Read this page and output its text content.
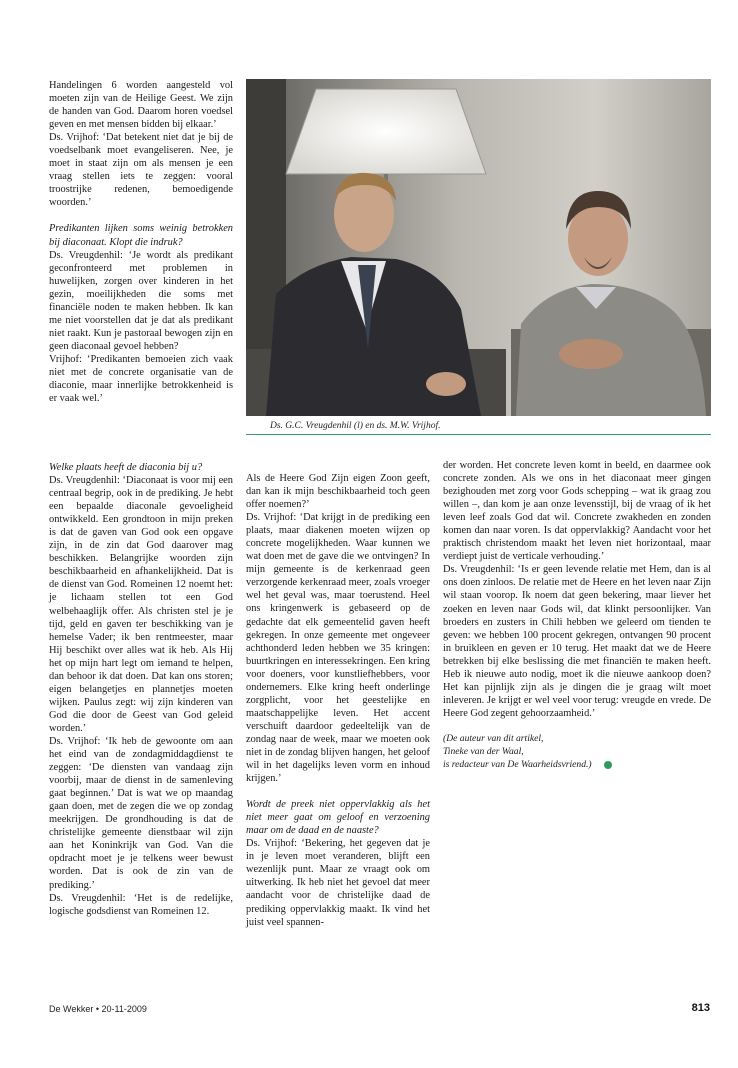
Handelingen 6 worden aangesteld vol moeten zijn van de Heilige Geest. We zijn de handen van God. Daarom horen voedsel geven en met mensen bidden bij elkaar.’

Ds. Vrijhof: ‘Dat betekent niet dat je bij de voedselbank moet evangeliseren. Nee, je moet in staat zijn om als mensen je een vraag stellen iets te zeggen: vooral troostrijke redenen, bemoedigende woorden.’

Predikanten lijken soms weinig betrokken bij diaconaat. Klopt die indruk?

Ds. Vreugdenhil: ‘Je wordt als predikant geconfronteerd met problemen in huwelijken, zorgen over kinderen in het gezin, moeilijkheden die soms met financiële noden te maken hebben. Ik kan me niet voorstellen dat je dat als predikant niet raakt. Kun je pastoraal bewogen zijn en geen diaconaal gevoel hebben?

Vrijhof: ‘Predikanten bemoeien zich vaak niet met de concrete organisatie van de diaconie, maar innerlijke betrokkenheid is er vaak wel.’

Ds. G.C. Vreugdenhil (l) en ds. M.W. Vrijhof.

Welke plaats heeft de diaconia bij u?

Ds. Vreugdenhil: ‘Diaconaat is voor mij een centraal begrip, ook in de prediking. Je hebt een bepaalde diaconale gevoeligheid ontwikkeld. Een grondtoon in mijn preken is dat de gaven van God ook een opgave zijn, in de zin dat God daarover mag beschikken. Belangrijke woorden zijn beschikbaarheid en afhankelijkheid. Dat is de dienst van God. Romeinen 12 noemt het: je lichaam stellen tot een God welbehaaglijk offer. Als christen stel je je tijd, geld en gaven ter beschikking van je hemelse Vader; ik ben rentmeester, maar Hij beschikt over alles wat ik heb. Als Hij het op mijn hart legt om iemand te helpen, dan behoor ik dat doen. Dat kan ons storen; eigen belangetjes en plannetjes moeten wijken. Paulus zegt: wij zijn kinderen van God die door de Geest van God geleid worden.’

Ds. Vrijhof: ‘Ik heb de gewoonte om aan het eind van de zondagmiddagdienst te zeggen: ‘De diensten van vandaag zijn voorbij, maar de dienst in de samenleving gaat beginnen.’ Dat is wat we op maandag gaan doen, met de zegen die we op zondag meekrijgen. De grondhouding is dat de christelijke gemeente dienstbaar wil zijn aan het Koninkrijk van God. Van die opdracht moet je je telkens weer bewust worden. Dat is ook de zin van de prediking.’

Ds. Vreugdenhil: ‘Het is de redelijke, logische godsdienst van Romeinen 12.

Als de Heere God Zijn eigen Zoon geeft, dan kan ik mijn beschikbaarheid toch geen offer noemen?’

Ds. Vrijhof: ‘Dat krijgt in de prediking een plaats, maar diakenen moeten wijzen op concrete mogelijkheden. Waar kunnen we wat doen met de gave die we ontvingen? In mijn gemeente is de kerkenraad geen verzorgende kerkenraad meer, zoals vroeger wel het geval was, maar toerustend. Heel ons kringenwerk is gebaseerd op de gedachte dat elk gemeentelid gaven heeft gekregen. In onze gemeente met ongeveer achthonderd leden hebben we 35 kringen: buurtkringen en interessekringen. Een kring voor doeners, voor kunstliefhebbers, voor ondernemers. Elke kring heeft onderlinge zorgplicht, voor het geestelijke en maatschappelijke leven. Het accent verschuift daardoor gedeeltelijk van de zondag naar de week, maar we moeten ook niet in de zondag blijven hangen, het geloof wil in het dagelijks leven vorm en inhoud krijgen.’

Wordt de preek niet oppervlakkig als het niet meer gaat om geloof en verzoening maar om de daad en de naaste?

Ds. Vrijhof: ‘Bekering, het gegeven dat je in je leven moet veranderen, blijft een wezenlijk punt. Maar ze vraagt ook om uitwerking. Ik heb niet het gevoel dat meer aandacht voor de christelijke daad de prediking oppervlakkig maakt. Ik vind het juist veel spannen-

der worden. Het concrete leven komt in beeld, en daarmee ook concrete zonden. Als we ons in het diaconaat meer gingen bezighouden met zorg voor Gods schepping – wat ik graag zou willen –, dan kom je aan onze levensstijl, bij de vraag of ik het leven leef zoals God dat wil. Concrete zwakheden en zonden komen dan naar voren. Is dat oppervlakkig? Aandacht voor het praktisch christendom maakt het leven niet horizontaal, maar verdiept juist de verticale verhouding.’

Ds. Vreugdenhil: ‘Is er geen levende relatie met Hem, dan is al ons doen zinloos. De relatie met de Heere en het leven naar Zijn wil staan voorop. Ik noem dat geen bekering, maar liever het zoeken en leven naar Gods wil, dat klinkt persoonlijker. Van broeders en zusters in Chili hebben we geleerd om tienden te geven: we hebben 100 procent gekregen, ontvangen 90 procent in bruikleen en geven er 10 terug. Het maakt dat we de Heere betrekken bij elke beslissing die met financiën te maken heeft. Heb ik nieuwe auto nodig, moet ik die nieuwe aankoop doen? Het kan pijnlijk zijn als je dingen die je graag wilt moet inleveren. Je krijgt er wel veel voor terug: vreugde en vrede. De Heere God zegent gehoorzaamheid.’

(De auteur van dit artikel,
Tineke van der Waal,
is redacteur van De Waarheidsvriend.)
De Wekker • 20-11-2009	813
